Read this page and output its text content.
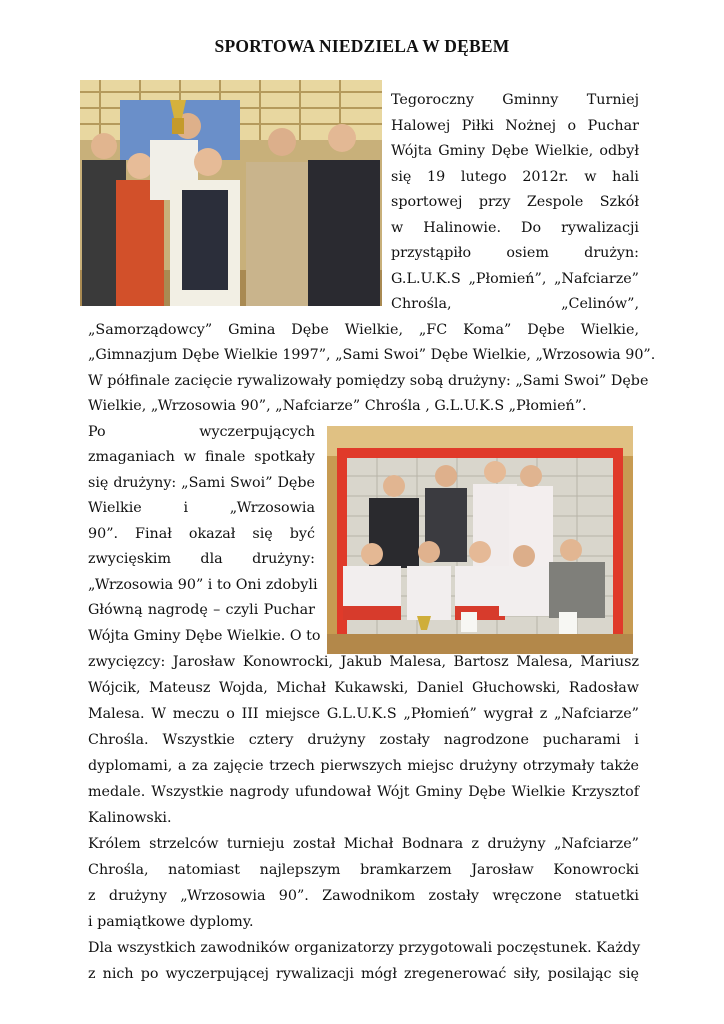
SPORTOWA NIEDZIELA W DĘBEM
Tegoroczny Gminny Turniej
Halowej Piłki Nożnej o Puchar
Wójta Gminy Dębe Wielkie, odbył
się 19 lutego 2012r. w hali
sportowej przy Zespole Szkół
w Halinowie. Do rywalizacji
przystąpiło osiem drużyn:
G.L.U.K.S „Płomień”, „Nafciarze”
Chrośla, „Celinów”,
„Samorządowcy” Gmina Dębe Wielkie, „FC Koma” Dębe Wielkie,
„Gimnazjum Dębe Wielkie 1997”, „Sami Swoi” Dębe Wielkie, „Wrzosowia 90”.
W półfinale zacięcie rywalizowały pomiędzy sobą drużyny: „Sami Swoi” Dębe
Wielkie, „Wrzosowia 90”, „Nafciarze” Chrośla , G.L.U.K.S „Płomień”.
Po wyczerpujących
zmaganiach w finale spotkały
się drużyny: „Sami Swoi” Dębe
Wielkie i „Wrzosowia
90”. Finał okazał się być
zwycięskim dla drużyny:
„Wrzosowia 90” i to Oni zdobyli
Główną nagrodę – czyli Puchar
Wójta Gminy Dębe Wielkie. O to
zwycięzcy: Jarosław Konowrocki, Jakub Malesa, Bartosz Malesa, Mariusz
Wójcik, Mateusz Wojda, Michał Kukawski, Daniel Głuchowski, Radosław
Malesa. W meczu o III miejsce G.L.U.K.S „Płomień” wygrał z „Nafciarze”
Chrośla. Wszystkie cztery drużyny zostały nagrodzone pucharami i
dyplomami, a za zajęcie trzech pierwszych miejsc drużyny otrzymały także
medale. Wszystkie nagrody ufundował Wójt Gminy Dębe Wielkie Krzysztof
Kalinowski.
Królem strzelców turnieju został Michał Bodnara z drużyny „Nafciarze”
Chrośla, natomiast najlepszym bramkarzem Jarosław Konowrocki
z drużyny „Wrzosowia 90”. Zawodnikom zostały wręczone statuetki
i pamiątkowe dyplomy.
Dla wszystkich zawodników organizatorzy przygotowali poczęstunek. Każdy
z nich po wyczerpującej rywalizacji mógł zregenerować siły, posilając się
